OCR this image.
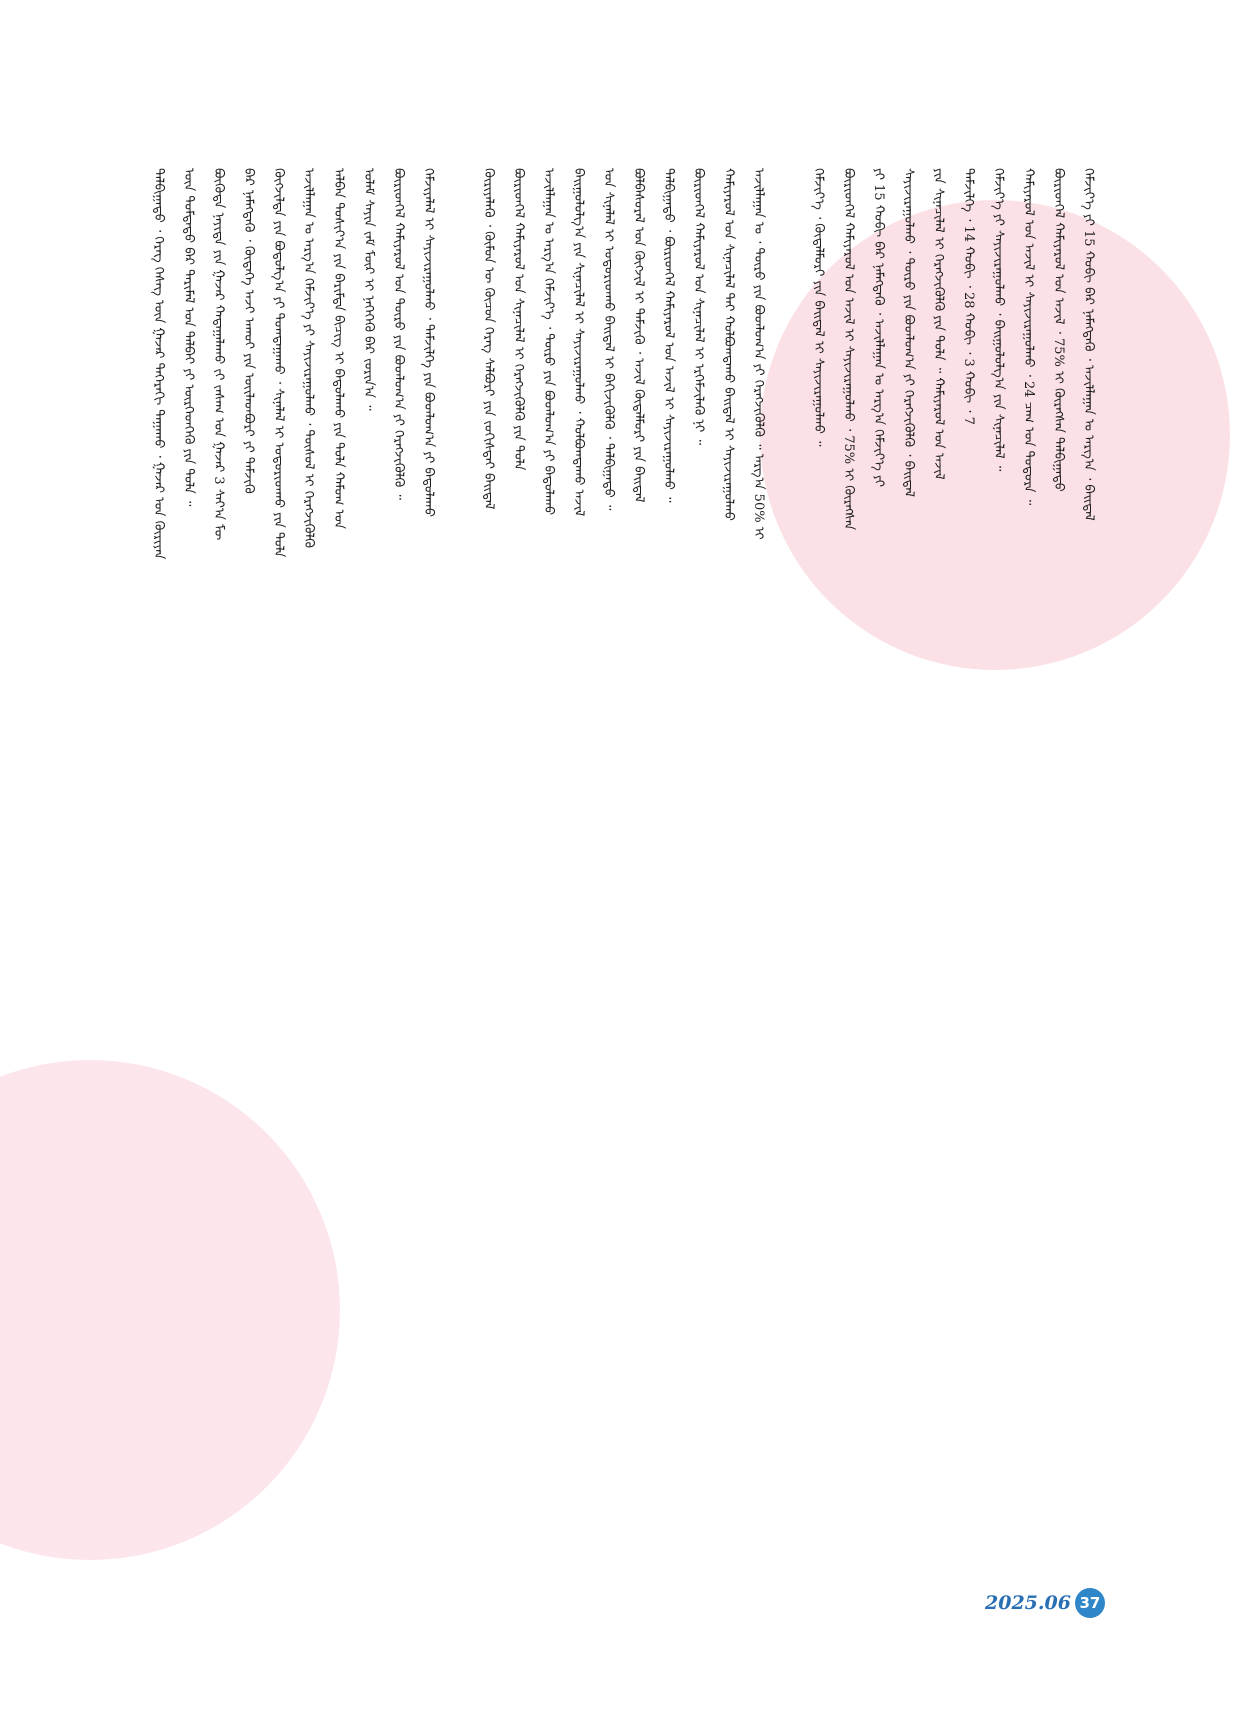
ᠲᠠᠯᠪᠢᠭᠠᠳᠤ ᠂ ᠬᠡᠷᠡᠭ ᠬᠡᠰᠡᠭ ᠦᠨ ᠭᠠᠵᠠᠷ ᠳᠡᠭᠡᠷᠡᠬᠢ ᠳᠠᠭᠠᠬᠤ ᠂ ᠭᠠᠵᠠᠷ ᠤᠨ ᠬᠦᠷᠢᠶᠡᠨ ᠦᠨ ᠳᠤᠮᠳᠠᠳᠤ ᠪᠠᠷ ᠲᠠᠷᠢᠮᠠᠯ ᠤᠨ ᠲᠠᠯᠪᠠᠢ ᠶᠢ ᠥᠷᠭᠡᠳᠬᠡᠬᠦ ᠶᠢᠨ ᠲᠤᠯᠠ ᠃ ᠪᠦᠭᠦᠳᠡ ᠨᠡᠶᠢᠲᠡ ᠶᠢᠨ ᠭᠠᠵᠠᠷ ᠬᠠᠳᠠᠭᠠᠯᠠᠬᠤ ᠵᠢ ᠵᠠᠰᠠᠭ ᠤᠨ ᠭᠠᠵᠠᠷ 3 ᠰᠠᠶ᠎ᠠ ᠮᠦ ᠪᠠᠷ ᠨᠡᠮᠡᠭᠳᠡᠬᠦ ᠂ ᠬᠥᠳᠡᠭᠡ ᠠᠵᠢ ᠠᠬᠤᠢ ᠶᠢᠨ ᠦᠢᠯᠡᠳᠪᠦᠷᠢ ᠶᠢ ᠳᠡᠮᠵᠢᠬᠦ ᠬᠥᠭᠵᠢᠯᠲᠡ ᠶᠢᠨ ᠪᠣᠳᠤᠯᠭ᠎ᠠ ᠶᠢ ᠲᠣᠭᠲᠠᠭᠠᠬᠤ ᠂ ᠰᠢᠨᠡᠯᠡᠯ ᠢ ᠤᠳᠤᠷᠢᠳᠬᠤ ᠶᠢᠨ ᠲᠤᠯᠠ ᠠᠵᠢᠯᠯᠠᠭᠠᠨ ᠤ ᠠᠷᠭ᠎ᠠ ᠬᠡᠮᠵᠢᠶ᠎ᠡ ᠶᠢ ᠰᠠᠶᠢᠵᠢᠷᠠᠭᠤᠯᠬᠤ ᠂ ᠲᠥᠰᠥᠯ ᠢ ᠬᠡᠷᠡᠭᠵᠢᠭᠦᠯᠬᠦ ᠠᠯᠪᠠᠨ ᠲᠤᠰᠢᠶ᠎ᠠ ᠶᠢᠨ ᠪᠠᠷᠢᠮᠲᠠ ᠪᠢᠴᠢᠭ ᠢ ᠪᠠᠲᠤᠯᠠᠬᠤ ᠶᠢᠨ ᠲᠤᠯᠠ ᠬᠠᠮᠤᠭ ᠤᠨ ᠤᠯᠠᠮ ᠰᠠᠶᠢᠨ ᠵᠠᠮ ᠮᠥᠷ ᠢ ᠨᠡᠭᠡᠭᠡᠬᠦ ᠪᠠᠷ ᠵᠣᠷᠢᠨ᠎ᠠ ᠃ ᠪᠦᠷᠢᠳᠬᠡᠯ ᠬᠠᠮᠢᠶᠠᠷᠤᠯ ᠤᠨ ᠲᠥᠷᠥ ᠶᠢᠨ ᠪᠣᠳᠯᠣᠭ᠎ᠠ ᠶᠢ ᠬᠡᠷᠡᠭᠵᠢᠭᠦᠯᠬᠦ ᠃ ᠬᠡᠮᠵᠢᠶᠡᠯᠡᠯ ᠢ ᠰᠠᠶᠢᠵᠢᠷᠠᠭᠤᠯᠬᠤ ᠂ ᠳᠡᠮᠵᠢᠯᠭᠡ ᠶᠢᠨ ᠪᠣᠳᠯᠣᠭ᠎ᠠ ᠶᠢ ᠪᠠᠲᠤᠯᠠᠬᠤ	ᠬᠦᠷᠢᠶᠡᠯᠡᠬᠦ ᠂ ᠬᠦᠮᠦᠨ ᠦ ᠬᠦᠴᠦᠨ ᠬᠡᠷᠡᠭ ᠰᠠᠯᠪᠤᠷᠢ ᠶᠢᠨ ᠵᠣᠬᠢᠰᠲᠠᠢ ᠪᠠᠢᠳᠠᠯ ᠪᠦᠷᠢᠳᠬᠡᠯ ᠬᠠᠮᠢᠶᠠᠷᠤᠯ ᠤᠨ ᠰᠢᠨᠡᠴᠢᠯᠡᠯ ᠢ ᠬᠡᠷᠡᠭᠵᠢᠭᠦᠯᠬᠦ ᠶᠢᠨ ᠲᠤᠯᠠ ᠠᠵᠢᠯᠯᠠᠭᠠᠨ ᠤ ᠠᠷᠭ᠎ᠠ ᠬᠡᠮᠵᠢᠶ᠎ᠡ ᠂ ᠲᠥᠷᠥ ᠶᠢᠨ ᠪᠣᠳᠯᠣᠭ᠎ᠠ ᠶᠢ ᠪᠠᠲᠤᠯᠠᠬᠤ ᠪᠠᠢᠭᠤᠯᠤᠯᠭ᠎ᠠ ᠶᠢᠨ ᠰᠢᠨᠡᠴᠢᠯᠡᠯ ᠢ ᠰᠠᠶᠢᠵᠢᠷᠠᠭᠤᠯᠬᠤ ᠂ ᠬᠣᠯᠪᠣᠭᠳᠠᠬᠤ ᠠᠵᠢᠯ ᠤᠨ ᠰᠢᠨᠡᠯᠡᠯ ᠢ ᠤᠳᠤᠷᠢᠳᠬᠤ ᠪᠠᠢᠳᠠᠯ ᠢ ᠪᠡᠬᠢᠵᠢᠭᠦᠯᠬᠦ ᠂ ᠲᠠᠯᠪᠢᠭᠠᠳᠤ ᠃ ᠪᠣᠯᠪᠠᠰᠤᠷᠠᠯ ᠤᠨ ᠬᠥᠭᠵᠢᠯ ᠢ ᠳᠡᠮᠵᠢᠬᠦ ᠂ ᠠᠵᠢᠯ ᠬᠥᠳᠡᠯᠮᠦᠷᠢ ᠶᠢᠨ ᠪᠠᠢᠳᠠᠯ ᠲᠠᠯᠪᠢᠭᠠᠳᠤ ᠂ ᠪᠦᠷᠢᠳᠬᠡᠯ ᠬᠠᠮᠢᠶᠠᠷᠤᠯ ᠤᠨ ᠠᠵᠢᠯ ᠢ ᠰᠠᠶᠢᠵᠢᠷᠠᠭᠤᠯᠬᠤ ᠃ ᠪᠦᠷᠢᠳᠬᠡᠯ ᠬᠠᠮᠢᠶᠠᠷᠤᠯ ᠤᠨ ᠰᠢᠨᠡᠴᠢᠯᠡᠯ ᠢ ᠡᠷᠭᠡᠮᠵᠢᠯᠡᠬᠦ ᠨᠢ ᠃ ᠬᠠᠮᠢᠶᠠᠷᠤᠯ ᠤᠨ ᠰᠢᠨᠡᠴᠢᠯᠡᠯ ᠲᠡᠢ ᠬᠣᠯᠪᠣᠭᠳᠠᠬᠤ ᠪᠠᠢᠳᠠᠯ ᠢ ᠰᠠᠶᠢᠵᠢᠷᠠᠭᠤᠯᠬᠤ ᠠᠵᠢᠯᠯᠠᠭᠠᠨ ᠤ ᠂ ᠲᠥᠷᠥ ᠶᠢᠨ ᠪᠣᠳᠯᠣᠭ᠎ᠠ ᠶᠢ ᠬᠡᠷᠡᠭᠵᠢᠭᠦᠯᠬᠦ ᠃ ᠠᠷᠭ᠎ᠠ 50% ᠢ	ᠬᠡᠮᠵᠢᠶ᠎ᠡ ᠂ ᠬᠥᠳᠡᠯᠮᠦᠷᠢ ᠶᠢᠨ ᠪᠠᠢᠳᠠᠯ ᠢ ᠰᠠᠶᠢᠵᠢᠷᠠᠭᠤᠯᠬᠤ ᠃ ᠪᠦᠷᠢᠳᠬᠡᠯ ᠬᠠᠮᠢᠶᠠᠷᠤᠯ ᠤᠨ ᠠᠵᠢᠯ ᠢ ᠰᠠᠶᠢᠵᠢᠷᠠᠭᠤᠯᠬᠤ ᠂ 75% ᠢ ᠬᠦᠷᠡᠭᠰᠡᠨ ᠶᠢ 15 ᠬᠤᠪᠢ ᠪᠠᠷ ᠨᠡᠮᠡᠭᠳᠡᠬᠦ ᠂ ᠠᠵᠢᠯᠯᠠᠭᠠᠨ ᠤ ᠠᠷᠭ᠎ᠠ ᠬᠡᠮᠵᠢᠶ᠎ᠡ ᠶᠢ ᠰᠠᠶᠢᠵᠢᠷᠠᠭᠤᠯᠬᠤ ᠂ ᠲᠥᠷᠥ ᠶᠢᠨ ᠪᠣᠳᠯᠣᠭ᠎ᠠ ᠶᠢ ᠬᠡᠷᠡᠭᠵᠢᠭᠦᠯᠬᠦ ᠂ ᠪᠠᠢᠳᠠᠯ ᠶᠢᠨ ᠰᠢᠨᠡᠴᠢᠯᠡᠯ ᠢ ᠬᠡᠷᠡᠭᠵᠢᠭᠦᠯᠬᠦ ᠶᠢᠨ ᠲᠤᠯᠠ ᠃ ᠬᠠᠮᠢᠶᠠᠷᠤᠯ ᠤᠨ ᠠᠵᠢᠯ ᠳᠡᠮᠵᠢᠯᠭᠡ ᠂ 14 ᠬᠤᠪᠢ ᠂ 28 ᠬᠤᠪᠢ ᠂ 3 ᠬᠤᠪᠢ ᠂ 7 ᠬᠡᠮᠵᠢᠶ᠎ᠡ ᠶᠢ ᠰᠠᠶᠢᠵᠢᠷᠠᠭᠤᠯᠬᠤ ᠂ ᠪᠠᠢᠭᠤᠯᠤᠯᠭ᠎ᠠ ᠶᠢᠨ ᠰᠢᠨᠡᠴᠢᠯᠡᠯ ᠃ ᠬᠠᠮᠢᠶᠠᠷᠤᠯ ᠤᠨ ᠠᠵᠢᠯ ᠢ ᠰᠠᠶᠢᠵᠢᠷᠠᠭᠤᠯᠬᠤ ᠂ 24 ᠴᠠᠭ ᠤᠨ ᠳᠣᠲᠣᠷᠠ ᠃ ᠪᠦᠷᠢᠳᠬᠡᠯ ᠬᠠᠮᠢᠶᠠᠷᠤᠯ ᠤᠨ ᠠᠵᠢᠯ ᠂ 75% ᠢ ᠬᠦᠷᠡᠭᠰᠡᠨ ᠲᠠᠯᠪᠢᠭᠠᠳᠤ ᠬᠡᠮᠵᠢᠶ᠎ᠡ ᠶᠢ 15 ᠬᠤᠪᠢ ᠪᠠᠷ ᠨᠡᠮᠡᠭᠳᠡᠬᠦ ᠂ ᠠᠵᠢᠯᠯᠠᠭᠠᠨ ᠤ ᠠᠷᠭ᠎ᠠ ᠂ ᠪᠠᠢᠳᠠᠯ
2025.06 37
